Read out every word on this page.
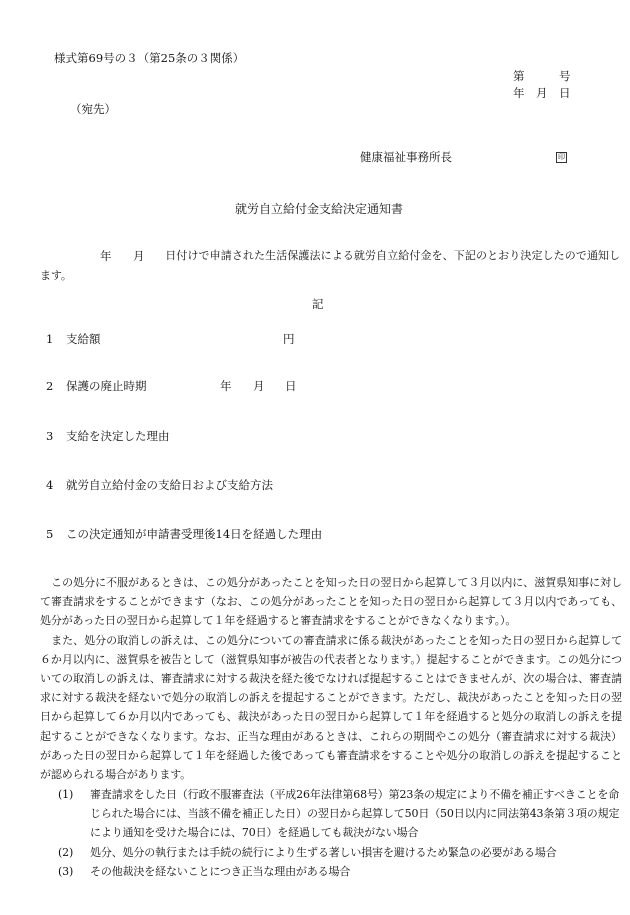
様式第69号の３（第25条の３関係）
第　　　号
年　月　日
（宛先）
健康福祉事務所長	印
就労自立給付金支給決定通知書
年 月	日付けで申請された生活保護法による就労自立給付金を、下記のとおり決定したので通知します。
記
1 支給額	円
2 保護の廃止時期	年 月 日
3 支給を決定した理由
4 就労自立給付金の支給日および支給方法
5 この決定通知が申請書受理後14日を経過した理由

この処分に不服があるときは、この処分があったことを知った日の翌日から起算して３月以内に、滋賀県知事に対して審査請求をすることができます（なお、この処分があったことを知った日の翌日から起算して３月以内であっても、処分があった日の翌日から起算して１年を経過すると審査請求をすることができなくなります。）。

また、処分の取消しの訴えは、この処分についての審査請求に係る裁決があったことを知った日の翌日から起算して６か月以内に、滋賀県を被告として（滋賀県知事が被告の代表者となります。）提起することができます。この処分についての取消しの訴えは、審査請求に対する裁決を経た後でなければ提起することはできませんが、次の場合は、審査請求に対する裁決を経ないで処分の取消しの訴えを提起することができます。ただし、裁決があったことを知った日の翌日から起算して６か月以内であっても、裁決があった日の翌日から起算して１年を経過すると処分の取消しの訴えを提起することができなくなります。なお、正当な理由があるときは、これらの期間やこの処分（審査請求に対する裁決）があった日の翌日から起算して１年を経過した後であっても審査請求をすることや処分の取消しの訴えを提起することが認められる場合があります。

(1)	審査請求をした日（行政不服審査法（平成26年法律第68号）第23条の規定により不備を補正すべきことを命じられた場合には、当該不備を補正した日）の翌日から起算して50日（50日以内に同法第43条第３項の規定により通知を受けた場合には、70日）を経過しても裁決がない場合
(2)	処分、処分の執行または手続の続行により生ずる著しい損害を避けるため緊急の必要がある場合
(3)	その他裁決を経ないことにつき正当な理由がある場合
